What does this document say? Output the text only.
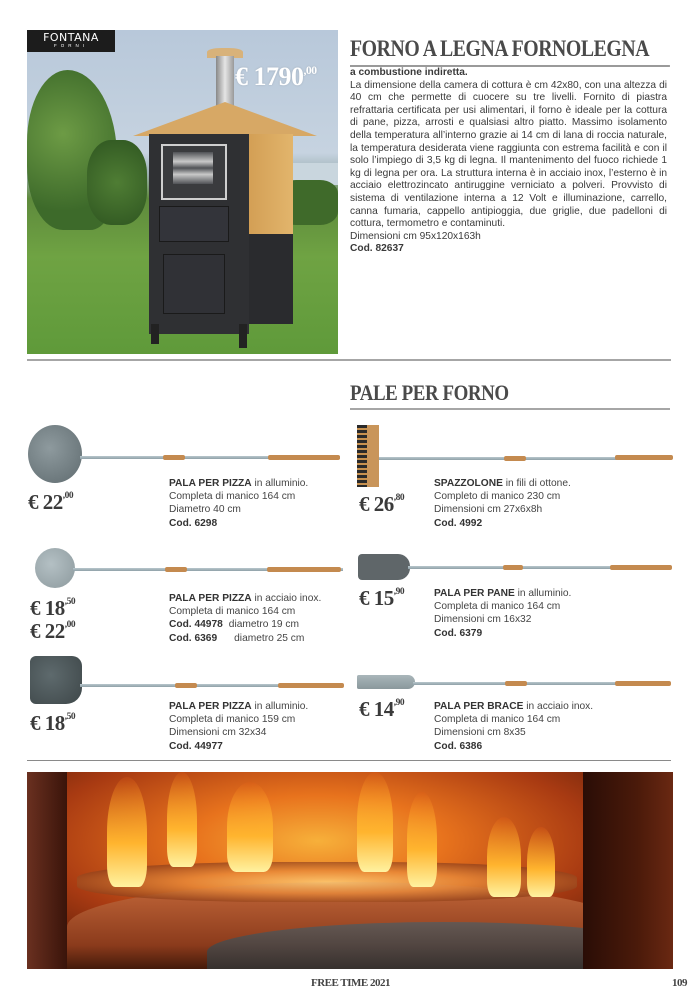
FONTANA
FORNI
€ $1790^{,00}$
FORNO A LEGNA FORNOLEGNA
a combustione indiretta.
La dimensione della camera di cottura è cm 42x80, con una altezza di 40 cm che permette di cuocere su tre livelli. Fornito di piastra refrattaria certificata per usi alimentari, il forno è ideale per la cottura di pane, pizza, arrosti e qualsiasi altro piatto. Massimo isolamento della temperatura all’interno grazie ai 14 cm di lana di roccia naturale, la temperatura desiderata viene raggiunta con estrema facilità e con il solo l’impiego di 3,5 kg di legna. Il mantenimento del fuoco richiede 1 kg di legna per ora. La struttura interna è in acciaio inox, l’esterno è in acciaio elettrozincato antiruggine verniciato a polveri. Provvisto di sistema di ventilazione interna a 12 Volt e illuminazione, carrello, canna fumaria, cappello antipioggia, due griglie, due padelloni di cottura, termometro e contaminuti.
Dimensioni cm 95x120x163h
Cod. 82637
PALE PER FORNO
€ $22^{,00}$
PALA PER PIZZA in alluminio.
Completa di manico 164 cm
Diametro 40 cm
Cod. 6298
€ $26^{,80}$
SPAZZOLONE in fili di ottone.
Completo di manico 230 cm
Dimensioni cm 27x6x8h
Cod. 4992
€ $18^{,50}$
€ $22^{,00}$
PALA PER PIZZA in acciaio inox.
Completa di manico 164 cm
Cod. 44978 diametro 19 cm
Cod. 6369 diametro 25 cm
€ $15^{,90}$	PALA PER PANE in alluminio.
Completa di manico 164 cm
Dimensioni cm 16x32
Cod. 6379
€ $18^{,50}$
PALA PER PIZZA in alluminio.
Completa di manico 159 cm
Dimensioni cm 32x34
Cod. 44977
€ $14^{,90}$	PALA PER BRACE in acciaio inox.
Completa di manico 164 cm
Dimensioni cm 8x35
Cod. 6386
FREE TIME 2021	109
